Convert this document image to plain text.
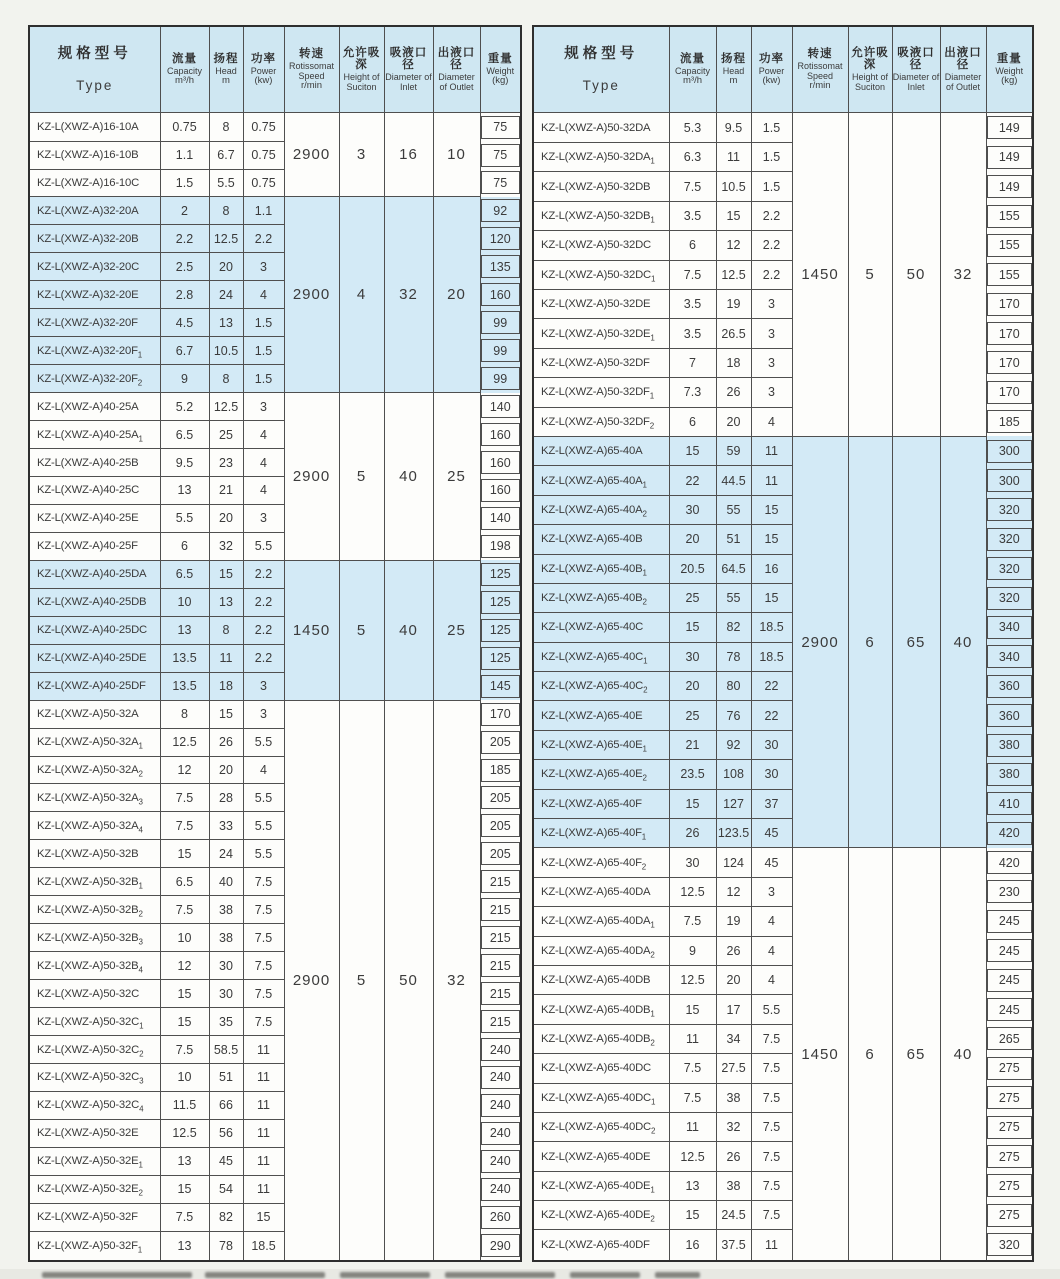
规格型号
Type

流量
Capacity
m³/h

扬程
Head
m

功率
Power
(kw)

转速
Rotissomat Speed
r/min

允许吸深
Height of Suciton

吸液口径
Diameter of Inlet

出液口径
Diameter of Outlet

重量
Weight
(kg)

KZ-L(XWZ-A)16-10A	0.75	8	0.75	2900	3	16	10	75

KZ-L(XWZ-A)16-10B	1.1	6.7	0.75					75

KZ-L(XWZ-A)16-10C	1.5	5.5	0.75					75

KZ-L(XWZ-A)32-20A	2	8	1.1	2900	4	32	20	92

KZ-L(XWZ-A)32-20B	2.2	12.5	2.2					120

KZ-L(XWZ-A)32-20C	2.5	20	3					135

KZ-L(XWZ-A)32-20E	2.8	24	4					160

KZ-L(XWZ-A)32-20F	4.5	13	1.5					99

$KZ-L(XWZ-A)32-20F_1$	6.7	10.5	1.5					99

$KZ-L(XWZ-A)32-20F_2$	9	8	1.5					99

KZ-L(XWZ-A)40-25A	5.2	12.5	3	2900	5	40	25	140

$KZ-L(XWZ-A)40-25A_1$	6.5	25	4					160

KZ-L(XWZ-A)40-25B	9.5	23	4					160

KZ-L(XWZ-A)40-25C	13	21	4					160

KZ-L(XWZ-A)40-25E	5.5	20	3					140

KZ-L(XWZ-A)40-25F	6	32	5.5					198

KZ-L(XWZ-A)40-25DA	6.5	15	2.2	1450	5	40	25	125

KZ-L(XWZ-A)40-25DB	10	13	2.2					125

KZ-L(XWZ-A)40-25DC	13	8	2.2					125

KZ-L(XWZ-A)40-25DE	13.5	11	2.2					125

KZ-L(XWZ-A)40-25DF	13.5	18	3					145

KZ-L(XWZ-A)50-32A	8	15	3	2900	5	50	32	170

$KZ-L(XWZ-A)50-32A_1$	12.5	26	5.5					205

$KZ-L(XWZ-A)50-32A_2$	12	20	4					185

$KZ-L(XWZ-A)50-32A_3$	7.5	28	5.5					205

$KZ-L(XWZ-A)50-32A_4$	7.5	33	5.5					205

KZ-L(XWZ-A)50-32B	15	24	5.5					205

$KZ-L(XWZ-A)50-32B_1$	6.5	40	7.5					215

$KZ-L(XWZ-A)50-32B_2$	7.5	38	7.5					215

$KZ-L(XWZ-A)50-32B_3$	10	38	7.5					215

$KZ-L(XWZ-A)50-32B_4$	12	30	7.5					215

KZ-L(XWZ-A)50-32C	15	30	7.5					215

$KZ-L(XWZ-A)50-32C_1$	15	35	7.5					215

$KZ-L(XWZ-A)50-32C_2$	7.5	58.5	11					240

$KZ-L(XWZ-A)50-32C_3$	10	51	11					240

$KZ-L(XWZ-A)50-32C_4$	11.5	66	11					240

KZ-L(XWZ-A)50-32E	12.5	56	11					240

$KZ-L(XWZ-A)50-32E_1$	13	45	11					240

$KZ-L(XWZ-A)50-32E_2$	15	54	11					240

KZ-L(XWZ-A)50-32F	7.5	82	15					260

$KZ-L(XWZ-A)50-32F_1$	13	78	18.5					290
规格型号
Type

流量
Capacity
m³/h

扬程
Head
m

功率
Power
(kw)

转速
Rotissomat Speed
r/min

允许吸深
Height of Suciton

吸液口径
Diameter of Inlet

出液口径
Diameter of Outlet

重量
Weight
(kg)

KZ-L(XWZ-A)50-32DA	5.3	9.5	1.5	1450	5	50	32	149

$KZ-L(XWZ-A)50-32DA_1$	6.3	11	1.5					149

KZ-L(XWZ-A)50-32DB	7.5	10.5	1.5					149

$KZ-L(XWZ-A)50-32DB_1$	3.5	15	2.2					155

KZ-L(XWZ-A)50-32DC	6	12	2.2					155

$KZ-L(XWZ-A)50-32DC_1$	7.5	12.5	2.2					155

KZ-L(XWZ-A)50-32DE	3.5	19	3					170

$KZ-L(XWZ-A)50-32DE_1$	3.5	26.5	3					170

KZ-L(XWZ-A)50-32DF	7	18	3					170

$KZ-L(XWZ-A)50-32DF_1$	7.3	26	3					170

$KZ-L(XWZ-A)50-32DF_2$	6	20	4					185

KZ-L(XWZ-A)65-40A	15	59	11	2900	6	65	40	300

$KZ-L(XWZ-A)65-40A_1$	22	44.5	11					300

$KZ-L(XWZ-A)65-40A_2$	30	55	15					320

KZ-L(XWZ-A)65-40B	20	51	15					320

$KZ-L(XWZ-A)65-40B_1$	20.5	64.5	16					320

$KZ-L(XWZ-A)65-40B_2$	25	55	15					320

KZ-L(XWZ-A)65-40C	15	82	18.5					340

$KZ-L(XWZ-A)65-40C_1$	30	78	18.5					340

$KZ-L(XWZ-A)65-40C_2$	20	80	22					360

KZ-L(XWZ-A)65-40E	25	76	22					360

$KZ-L(XWZ-A)65-40E_1$	21	92	30					380

$KZ-L(XWZ-A)65-40E_2$	23.5	108	30					380

KZ-L(XWZ-A)65-40F	15	127	37					410

$KZ-L(XWZ-A)65-40F_1$	26	123.5	45					420

$KZ-L(XWZ-A)65-40F_2$	30	124	45	1450	6	65	40	420

KZ-L(XWZ-A)65-40DA	12.5	12	3					230

$KZ-L(XWZ-A)65-40DA_1$	7.5	19	4					245

$KZ-L(XWZ-A)65-40DA_2$	9	26	4					245

KZ-L(XWZ-A)65-40DB	12.5	20	4					245

$KZ-L(XWZ-A)65-40DB_1$	15	17	5.5					245

$KZ-L(XWZ-A)65-40DB_2$	11	34	7.5					265

KZ-L(XWZ-A)65-40DC	7.5	27.5	7.5					275

$KZ-L(XWZ-A)65-40DC_1$	7.5	38	7.5					275

$KZ-L(XWZ-A)65-40DC_2$	11	32	7.5					275

KZ-L(XWZ-A)65-40DE	12.5	26	7.5					275

$KZ-L(XWZ-A)65-40DE_1$	13	38	7.5					275

$KZ-L(XWZ-A)65-40DE_2$	15	24.5	7.5					275

KZ-L(XWZ-A)65-40DF	16	37.5	11					320
